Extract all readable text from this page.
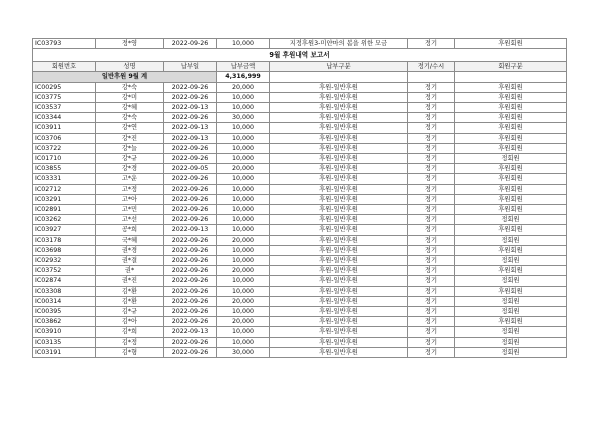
IC03793	정*영	2022-09-26	10,000	지정후원3-미얀마의 봄을 위한 모금	정기	후원회원
9월 후원내역 보고서						
회원번호	성명	납부일	납부금액	납부구분	정기/수시	회원구분
일반후원 9월 계			4,316,999			
IC00295	강*숙	2022-09-26	20,000	후원-일반후원	정기	후원회원
IC03775	강*미	2022-09-26	10,000	후원-일반후원	정기	후원회원
IC03537	강*혜	2022-09-13	10,000	후원-일반후원	정기	후원회원
IC03344	강*숙	2022-09-26	30,000	후원-일반후원	정기	후원회원
IC03911	강*연	2022-09-13	10,000	후원-일반후원	정기	후원회원
IC03706	강*진	2022-09-13	10,000	후원-일반후원	정기	후원회원
IC03722	강*늘	2022-09-26	10,000	후원-일반후원	정기	후원회원
IC01710	강*규	2022-09-26	10,000	후원-일반후원	정기	정회원
IC03855	강*경	2022-09-05	20,000	후원-일반후원	정기	후원회원
IC03331	고*운	2022-09-26	10,000	후원-일반후원	정기	후원회원
IC02712	고*정	2022-09-26	10,000	후원-일반후원	정기	후원회원
IC03291	고*아	2022-09-26	10,000	후원-일반후원	정기	후원회원
IC02891	고*민	2022-09-26	10,000	후원-일반후원	정기	후원회원
IC03262	고*선	2022-09-26	10,000	후원-일반후원	정기	정회원
IC03927	공*희	2022-09-13	10,000	후원-일반후원	정기	후원회원
IC03178	국*혜	2022-09-26	20,000	후원-일반후원	정기	정회원
IC03698	권*경	2022-09-26	10,000	후원-일반후원	정기	후원회원
IC02932	권*결	2022-09-26	10,000	후원-일반후원	정기	정회원
IC03752	권*	2022-09-26	20,000	후원-일반후원	정기	후원회원
IC02874	권*진	2022-09-26	10,000	후원-일반후원	정기	정회원
IC03308	김*환	2022-09-26	10,000	후원-일반후원	정기	후원회원
IC00314	김*환	2022-09-26	20,000	후원-일반후원	정기	정회원
IC00395	김*규	2022-09-26	10,000	후원-일반후원	정기	정회원
IC03862	김*아	2022-09-26	20,000	후원-일반후원	정기	후원회원
IC03910	김*희	2022-09-13	10,000	후원-일반후원	정기	정회원
IC03135	김*정	2022-09-26	10,000	후원-일반후원	정기	정회원
IC03191	김*형	2022-09-26	30,000	후원-일반후원	정기	정회원
